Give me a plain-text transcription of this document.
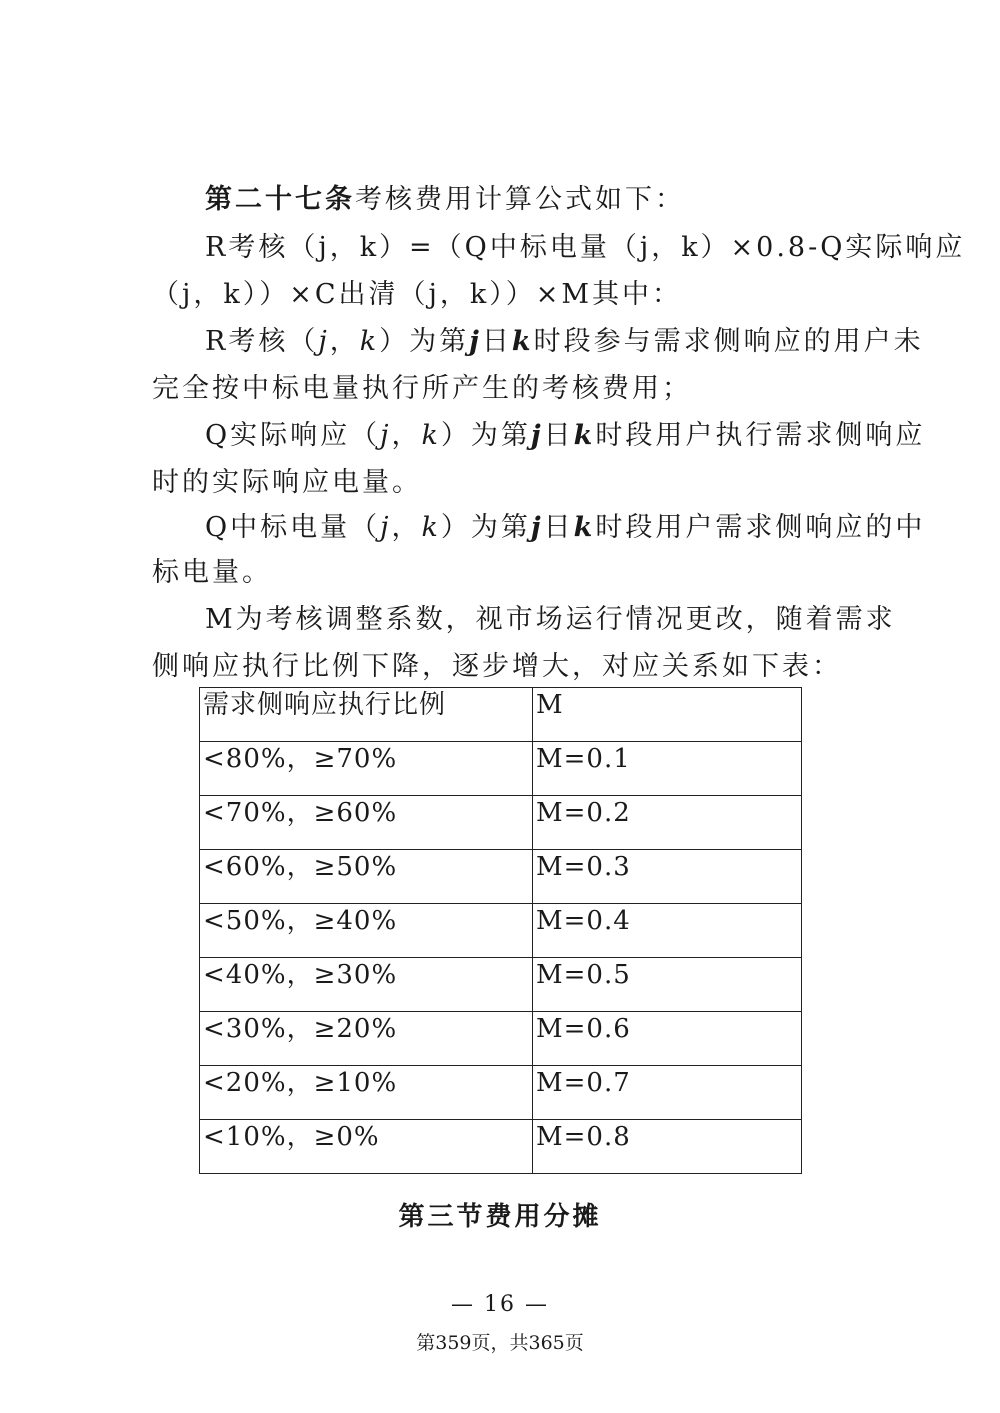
第二十七条考核费用计算公式如下：
R考核（j，k）=（Q中标电量（j，k）×0.8-Q实际响应
（j，k））×C出清（j，k））×M其中：
R考核（j，k）为第j日k时段参与需求侧响应的用户未
完全按中标电量执行所产生的考核费用；
Q实际响应（j，k）为第j日k时段用户执行需求侧响应
时的实际响应电量。
Q中标电量（j，k）为第j日k时段用户需求侧响应的中
标电量。
M为考核调整系数，视市场运行情况更改，随着需求
侧响应执行比例下降，逐步增大，对应关系如下表：
需求侧响应执行比例	M
<80%，≥70%	M=0.1
<70%，≥60%	M=0.2
<60%，≥50%	M=0.3
<50%，≥40%	M=0.4
<40%，≥30%	M=0.5
<30%，≥20%	M=0.6
<20%，≥10%	M=0.7
<10%，≥0%	M=0.8
第三节费用分摊
— 16 —
第359页，共365页
